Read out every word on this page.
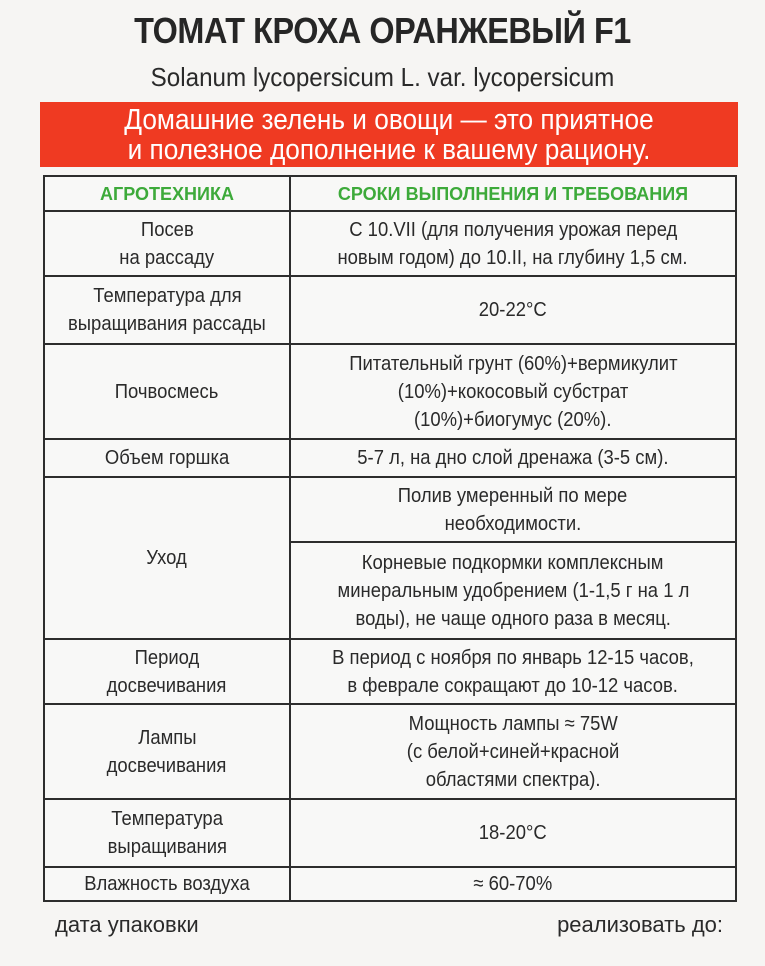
ТОМАТ КРОХА ОРАНЖЕВЫЙ F1
Solanum lycopersicum L. var. lycopersicum
Домашние зелень и овощи — это приятное
и полезное дополнение к вашему рациону.
АГРОТЕХНИКА	СРОКИ ВЫПОЛНЕНИЯ И ТРЕБОВАНИЯ
Посев
на рассаду	С 10.VII (для получения урожая перед
новым годом) до 10.II, на глубину 1,5 см.
Температура для
выращивания рассады	20-22°C
Почвосмесь	Питательный грунт (60%)+вермикулит
(10%)+кокосовый субстрат
(10%)+биогумус (20%).
Объем горшка	5-7 л, на дно слой дренажа (3-5 см).
Уход	Полив умеренный по мере
необходимости.
	Корневые подкормки комплексным
минеральным удобрением (1-1,5 г на 1 л
воды), не чаще одного раза в месяц.
Период
досвечивания	В период с ноября по январь 12-15 часов,
в феврале сокращают до 10-12 часов.
Лампы
досвечивания	Мощность лампы ≈ 75W
(с белой+синей+красной
областями спектра).
Температура
выращивания	18-20°C
Влажность воздуха	≈ 60-70%
дата упаковки	реализовать до:
